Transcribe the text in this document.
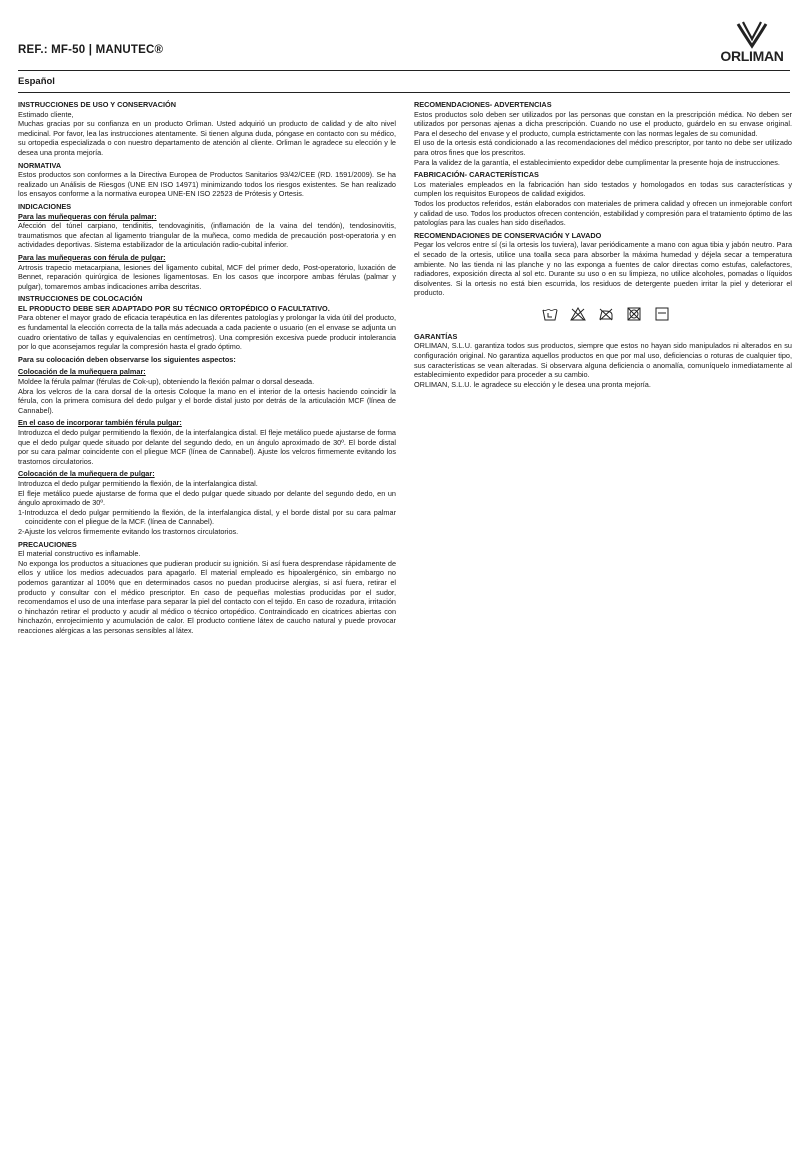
REF.: MF-50 | MANUTEC®	ORLIMAN
Español
INSTRUCCIONES DE USO Y CONSERVACIÓN

Estimado cliente,

Muchas gracias por su confianza en un producto Orliman. Usted adquirió un producto de calidad y de alto nivel medicinal. Por favor, lea las instrucciones atentamente. Si tienen alguna duda, póngase en contacto con su médico, su ortopedia especializada o con nuestro departamento de atención al cliente. Orliman le agradece su elección y le desea una pronta mejoría.

NORMATIVA

Estos productos son conformes a la Directiva Europea de Productos Sanitarios 93/42/CEE (RD. 1591/2009). Se ha realizado un Análisis de Riesgos (UNE EN ISO 14971) minimizando todos los riesgos existentes. Se han realizado los ensayos conforme a la normativa europea UNE-EN ISO 22523 de Prótesis y Ortesis.

INDICACIONES
Para las muñequeras con férula palmar:

Afección del túnel carpiano, tendinitis, tendovaginitis, (inflamación de la vaina del tendón), tendosinovitis, traumatismos que afectan al ligamento triangular de la muñeca, como medida de precaución post-operatoria y en actividades deportivas. Sistema estabilizador de la articulación radio-cubital inferior.

Para las muñequeras con férula de pulgar:

Artrosis trapecio metacarpiana, lesiones del ligamento cubital, MCF del primer dedo, Post-operatorio, luxación de Bennet, reparación quirúrgica de lesiones ligamentosas. En los casos que incorpore ambas férulas (palmar y pulgar), tomaremos ambas indicaciones arriba descritas.

INSTRUCCIONES DE COLOCACIÓN
EL PRODUCTO DEBE SER ADAPTADO POR SU TÉCNICO ORTOPÉDICO O FACULTATIVO.

Para obtener el mayor grado de eficacia terapéutica en las diferentes patologías y prolongar la vida útil del producto, es fundamental la elección correcta de la talla más adecuada a cada paciente o usuario (en el envase se adjunta un cuadro orientativo de tallas y equivalencias en centímetros). Una compresión excesiva puede producir intolerancia por lo que aconsejamos regular la compresión hasta el grado óptimo.

Para su colocación deben observarse los siguientes aspectos:
Colocación de la muñequera palmar:

Moldee la férula palmar (férulas de Cok-up), obteniendo la flexión palmar o dorsal deseada.

Abra los velcros de la cara dorsal de la ortesis Coloque la mano en el interior de la ortesis haciendo coincidir la férula, con la primera comisura del dedo pulgar y el borde distal justo por detrás de la articulación MCF (línea de Cannabel).

En el caso de incorporar también férula pulgar:

Introduzca el dedo pulgar permitiendo la flexión, de la interfalangica distal. El fleje metálico puede ajustarse de forma que el dedo pulgar quede situado por delante del segundo dedo, en un ángulo aproximado de 30º. El borde distal por su cara palmar coincidente con el pliegue MCF (línea de Cannabel). Ajuste los velcros firmemente evitando los trastornos circulatorios.

Colocación de la muñequera de pulgar:

Introduzca el dedo pulgar permitiendo la flexión, de la interfalangica distal.

El fleje metálico puede ajustarse de forma que el dedo pulgar quede situado por delante del segundo dedo, en un ángulo aproximado de 30º.

1-Introduzca el dedo pulgar permitiendo la flexión, de la interfalangica distal, y el borde distal por su cara palmar coincidente con el pliegue de la MCF. (línea de Cannabel).

2-Ajuste los velcros firmemente evitando los trastornos circulatorios.

PRECAUCIONES

El material constructivo es inflamable.

No exponga los productos a situaciones que pudieran producir su ignición. Si así fuera desprendase rápidamente de ellos y utilice los medios adecuados para apagarlo. El material empleado es hipoalergénico, sin embargo no podemos garantizar al 100% que en determinados casos no puedan producirse alergias, si así fuera, retirar el producto y consultar con el médico prescriptor. En caso de pequeñas molestias producidas por el sudor, recomendamos el uso de una interfase para separar la piel del contacto con el tejido. En caso de rozadura, irritación o hinchazón retirar el producto y acudir al médico o técnico ortopédico. Contraindicado en cicatrices abiertas con hinchazón, enrojecimiento y acumulación de calor. El producto contiene látex de caucho natural y puede provocar reacciones alérgicas a las personas sensibles al látex.

RECOMENDACIONES- ADVERTENCIAS

Estos productos solo deben ser utilizados por las personas que constan en la prescripción médica. No deben ser utilizados por personas ajenas a dicha prescripción. Cuando no use el producto, guárdelo en su envase original. Para el desecho del envase y el producto, cumpla estrictamente con las normas legales de su comunidad.

El uso de la ortesis está condicionado a las recomendaciones del médico prescriptor, por tanto no debe ser utilizado para otros fines que los prescritos.

Para la validez de la garantía, el establecimiento expedidor debe cumplimentar la presente hoja de instrucciones.

FABRICACIÓN- CARACTERÍSTICAS

Los materiales empleados en la fabricación han sido testados y homologados en todas sus características y cumplen los requisitos Europeos de calidad exigidos.

Todos los productos referidos, están elaborados con materiales de primera calidad y ofrecen un inmejorable confort y calidad de uso. Todos los productos ofrecen contención, estabilidad y compresión para el tratamiento óptimo de las patologías para las cuales han sido diseñados.

RECOMENDACIONES DE CONSERVACIÓN Y LAVADO

Pegar los velcros entre sí (si la ortesis los tuviera), lavar periódicamente a mano con agua tibia y jabón neutro. Para el secado de la ortesis, utilice una toalla seca para absorber la máxima humedad y déjela secar a temperatura ambiente. No las tienda ni las planche y no las exponga a fuentes de calor directas como estufas, calefactores, radiadores, exposición directa al sol etc. Durante su uso o en su limpieza, no utilice alcoholes, pomadas o líquidos disolventes. Si la ortesis no está bien escurrida, los residuos de detergente pueden irritar la piel y deteriorar el producto.

GARANTÍAS

ORLIMAN, S.L.U. garantiza todos sus productos, siempre que estos no hayan sido manipulados ni alterados en su configuración original. No garantiza aquellos productos en que por mal uso, deficiencias o roturas de cualquier tipo, sus características se vean alteradas. Si observara alguna deficiencia o anomalía, comuníquelo inmediatamente al establecimiento expedidor para proceder a su cambio.

ORLIMAN, S.L.U. le agradece su elección y le desea una pronta mejoría.
